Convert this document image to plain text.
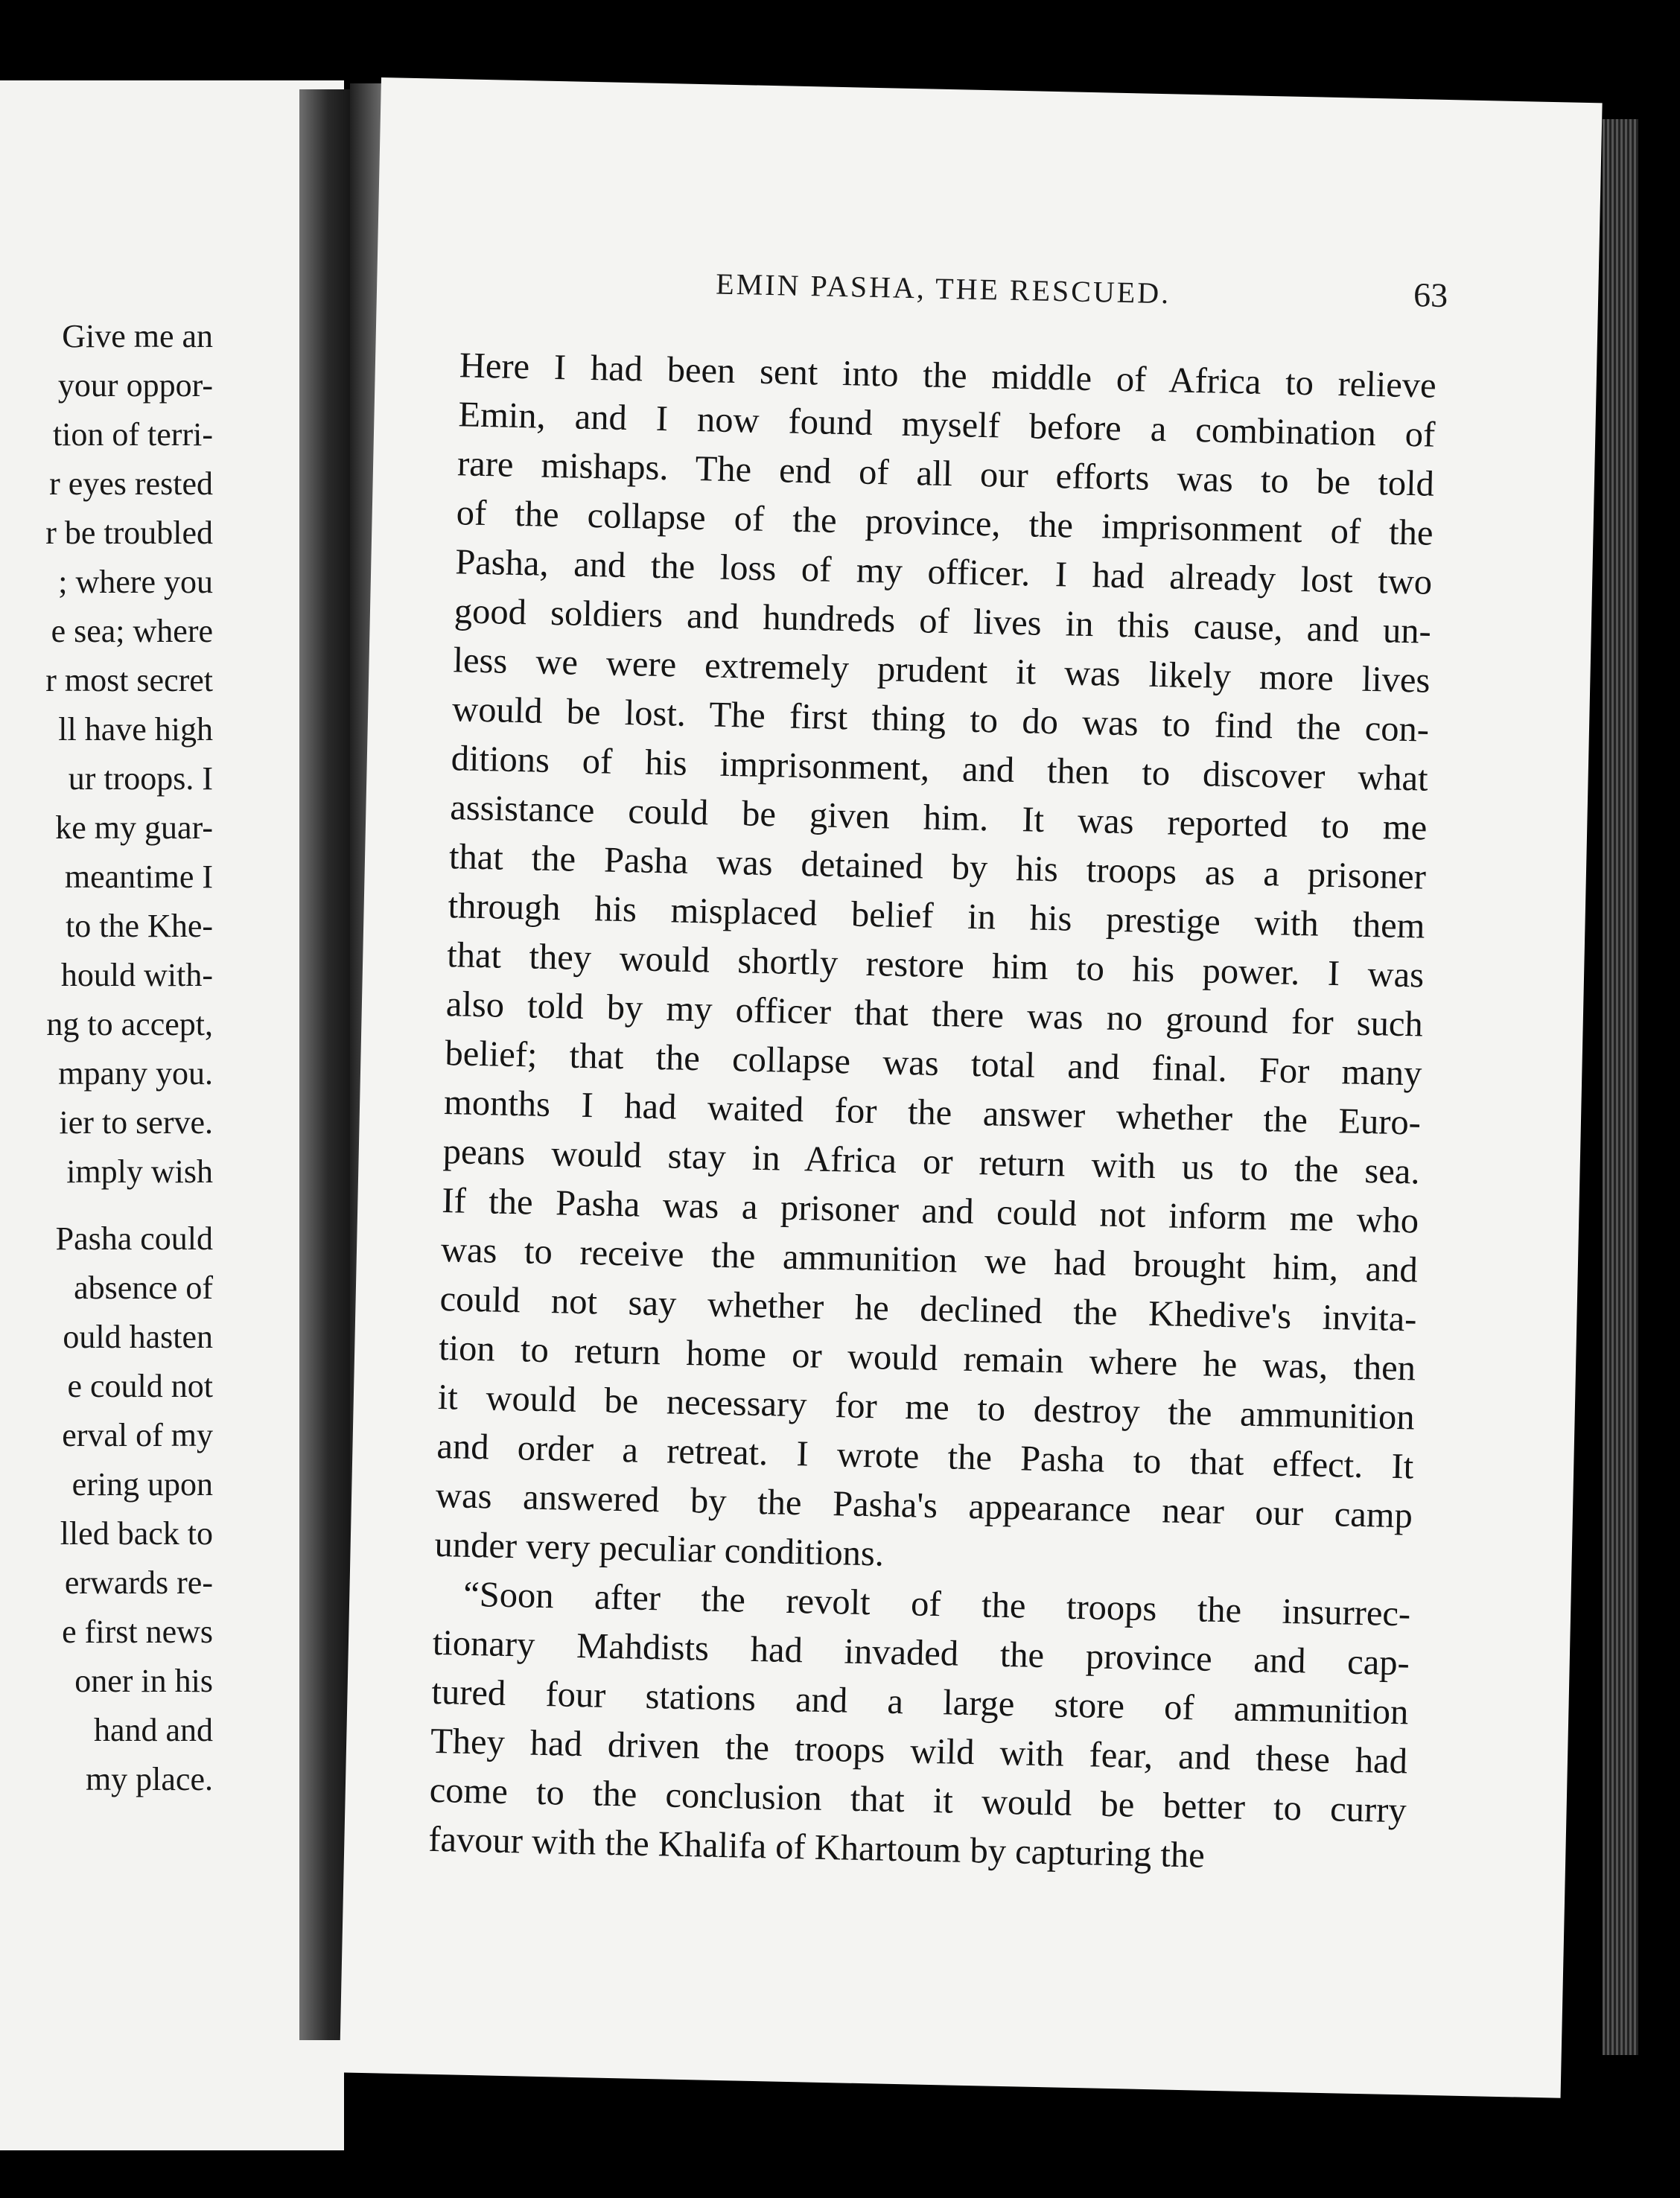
Give me an
your oppor-
tion of terri-
r eyes rested
r be troubled
; where you
e sea; where
r most secret
ll have high
ur troops. I
ke my guar-
meantime I
to the Khe-
hould with-
ng to accept,
mpany you.
ier to serve.
imply wish
Pasha could
absence of
ould hasten
e could not
erval of my
ering upon
lled back to
erwards re-
e first news
oner in his
hand and
my place.
EMIN PASHA, THE RESCUED.	63
Here I had been sent into the middle of Africa to relieve
Emin, and I now found myself before a combination of
rare mishaps. The end of all our efforts was to be told
of the collapse of the province, the imprisonment of the
Pasha, and the loss of my officer. I had already lost two
good soldiers and hundreds of lives in this cause, and un-
less we were extremely prudent it was likely more lives
would be lost. The first thing to do was to find the con-
ditions of his imprisonment, and then to discover what
assistance could be given him. It was reported to me
that the Pasha was detained by his troops as a prisoner
through his misplaced belief in his prestige with them
that they would shortly restore him to his power. I was
also told by my officer that there was no ground for such
belief; that the collapse was total and final. For many
months I had waited for the answer whether the Euro-
peans would stay in Africa or return with us to the sea.
If the Pasha was a prisoner and could not inform me who
was to receive the ammunition we had brought him, and
could not say whether he declined the Khedive's invita-
tion to return home or would remain where he was, then
it would be necessary for me to destroy the ammunition
and order a retreat. I wrote the Pasha to that effect. It
was answered by the Pasha's appearance near our camp
under very peculiar conditions.
“Soon after the revolt of the troops the insurrec-
tionary Mahdists had invaded the province and cap-
tured four stations and a large store of ammunition
They had driven the troops wild with fear, and these had
come to the conclusion that it would be better to curry
favour with the Khalifa of Khartoum by capturing the
